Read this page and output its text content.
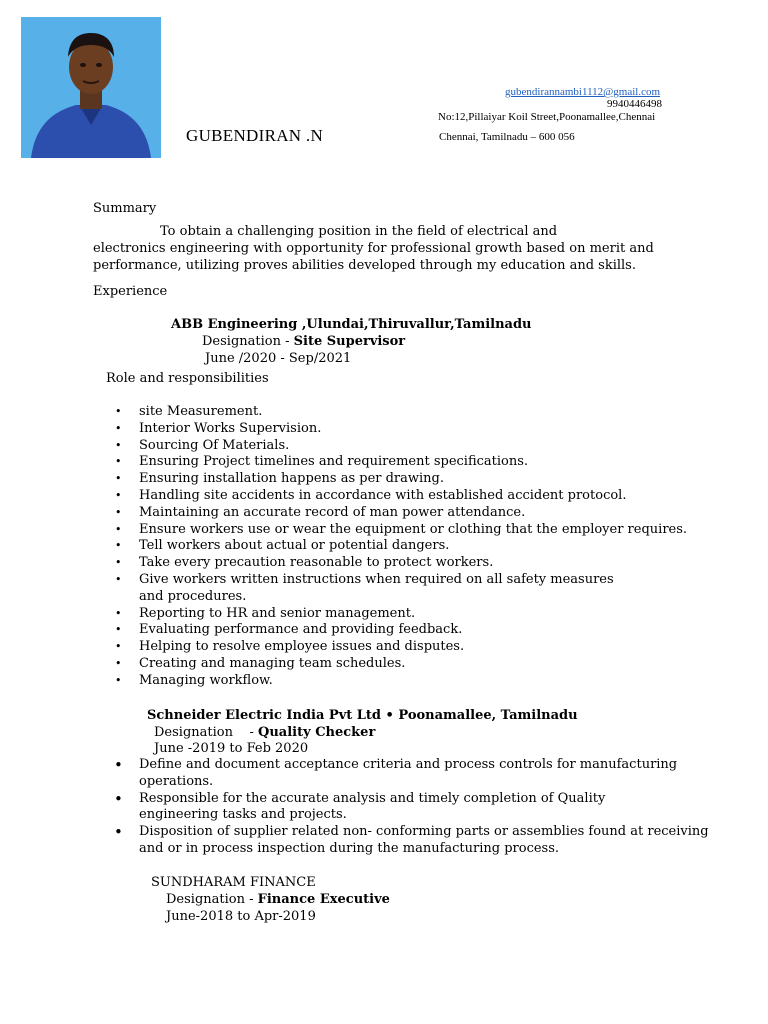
GUBENDIRAN .N
gubendirannambi1112@gmail.com
9940446498
No:12,Pillaiyar Koil Street,Poonamallee,Chennai
Chennai, Tamilnadu – 600 056
Summary
To obtain a challenging position in the field of electrical and
electronics engineering with opportunity for professional growth based on merit and
performance, utilizing proves abilities developed through my education and skills.
Experience
ABB Engineering ,Ulundai,Thiruvallur,Tamilnadu
Designation - Site Supervisor
June /2020 - Sep/2021
Role and responsibilities
• site Measurement.
• Interior Works Supervision.
• Sourcing Of Materials.
• Ensuring Project timelines and requirement specifications.
• Ensuring installation happens as per drawing.
• Handling site accidents in accordance with established accident protocol.
• Maintaining an accurate record of man power attendance.
• Ensure workers use or wear the equipment or clothing that the employer requires.
• Tell workers about actual or potential dangers.
• Take every precaution reasonable to protect workers.
• Give workers written instructions when required on all safety measures
and procedures.
• Reporting to HR and senior management.
• Evaluating performance and providing feedback.
• Helping to resolve employee issues and disputes.
• Creating and managing team schedules.
• Managing workflow.
Schneider Electric India Pvt Ltd • Poonamallee, Tamilnadu
Designation    - Quality Checker
June -2019 to Feb 2020
• Define and document acceptance criteria and process controls for manufacturing
operations.
• Responsible for the accurate analysis and timely completion of Quality
engineering tasks and projects.
• Disposition of supplier related non- conforming parts or assemblies found at receiving
and or in process inspection during the manufacturing process.
SUNDHARAM FINANCE
Designation - Finance Executive
June-2018 to Apr-2019
